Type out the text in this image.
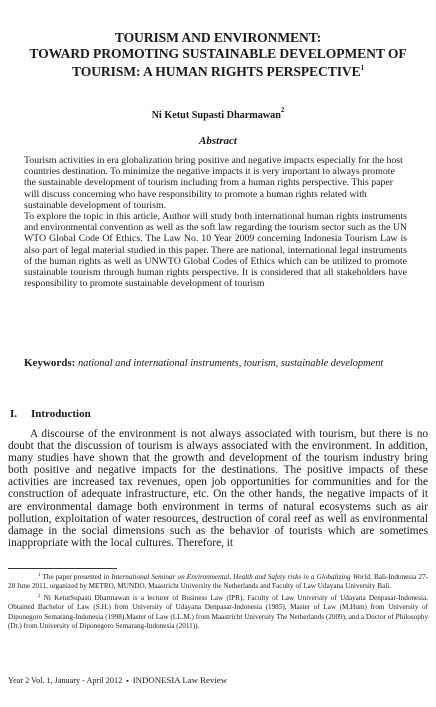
TOURISM AND ENVIRONMENT:
TOWARD PROMOTING SUSTAINABLE DEVELOPMENT OF
TOURISM: A HUMAN RIGHTS PERSPECTIVE$^1$

Ni Ketut Supasti Dharmawan$^2$

Abstract

Tourism activities in era globalization bring positive and negative impacts especially for the host countries destination. To minimize the negative impacts it is very important to always promote the sustainable development of tourism including from a human rights perspective. This paper will discuss concerning who have responsibility to promote a human rights related with sustainable development of tourism.

To explore the topic in this article, Author will study both international human rights instruments and environmental convention as well as the soft law regarding the tourism sector such as the UN WTO Global Code Of Ethics. The Law No. 10 Year 2009 concerning Indonesia Tourism Law is also part of legal material studied in this paper. There are national, international legal instruments of the human rights as well as UNWTO Global Codes of Ethics which can be utilized to promote sustainable tourism through human rights perspective. It is considered that all stakeholders have responsibility to promote sustainable development of tourism

Keywords: national and international instruments, tourism, sustainable development

I. Introduction

A discourse of the environment is not always associated with tourism, but there is no doubt that the discussion of tourism is always associated with the environment. In addition, many studies have shown that the growth and development of the tourism industry bring both positive and negative impacts for the destinations. The positive impacts of these activities are increased tax revenues, open job opportunities for communities and for the construction of adequate infrastructure, etc. On the other hands, the negative impacts of it are environmental damage both environment in terms of natural ecosystems such as air pollution, exploitation of water resources, destruction of coral reef as well as environmental damage in the social dimensions such as the behavior of tourists which are sometimes inappropriate with the local cultures. Therefore, it

$^1$ The paper presented in International Seminar on Environmental, Health and Safety risks in a Globalizing World, Bali-Indonesia 27-28 June 2011, organized by METRO, MUNDO, Maastricht University the Netherlands and Faculty of Law Udayana University Bali.

$^2$ Ni KetutSupasti Dharmawan is a lecturer of Business Law (IPR), Faculty of Law University of Udayana Denpasar-Indonesia. Obtained Bachelor of Law (S.H.) from University of Udayana Denpasar-Indonesia (1985), Master of Law (M.Hum) from University of Diponegoro Semarang-Indonesia (1998),Master of Law (LL.M.) from Maastricht University The Netherlands (2009), and a Doctor of Philosophy (Dr.) from University of Diponegoro Semarang-Indonesia (2011)).

Year 2 Vol. 1, January - April 2012 ▪ INDONESIA Law Review
